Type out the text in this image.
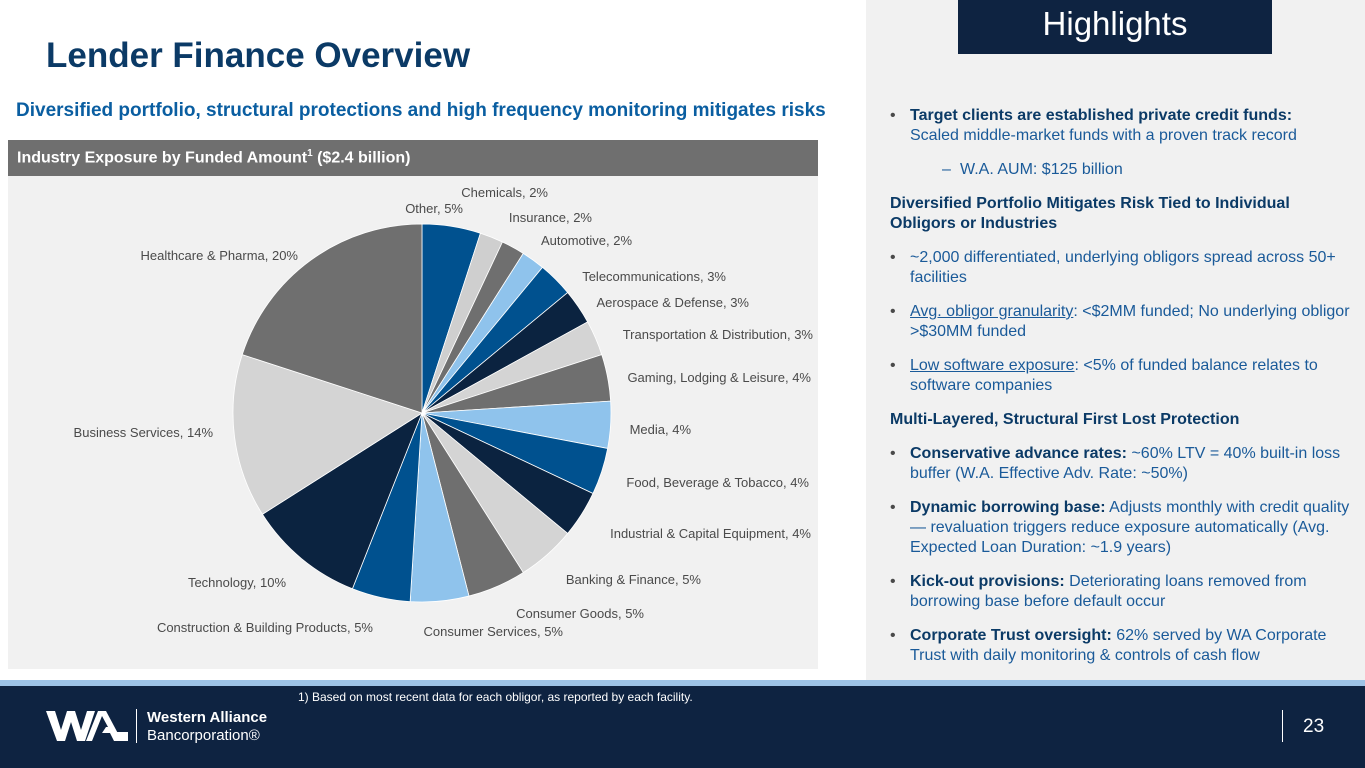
Lender Finance Overview
Diversified portfolio, structural protections and high frequency monitoring mitigates risks
Industry Exposure by Funded Amount$^1$ ($2.4 billion)
Other, 5%
Chemicals, 2%
Insurance, 2%
Automotive, 2%
Telecommunications, 3%
Aerospace & Defense, 3%
Transportation & Distribution, 3%
Gaming, Lodging & Leisure, 4%
Media, 4%
Food, Beverage & Tobacco, 4%
Industrial & Capital Equipment, 4%
Banking & Finance, 5%
Consumer Goods, 5%
Consumer Services, 5%
Construction & Building Products, 5%
Technology, 10%
Business Services, 14%
Healthcare & Pharma, 20%
Highlights
• Target clients are established private credit funds:
Scaled middle-market funds with a proven track record
– W.A. AUM: $125 billion
Diversified Portfolio Mitigates Risk Tied to Individual Obligors or Industries
• ~2,000 differentiated, underlying obligors spread across 50+ facilities
• Avg. obligor granularity: <$2MM funded; No underlying obligor >$30MM funded
• Low software exposure: <5% of funded balance relates to software companies
Multi-Layered, Structural First Lost Protection
• Conservative advance rates: ~60% LTV = 40% built-in loss buffer (W.A. Effective Adv. Rate: ~50%)
• Dynamic borrowing base: Adjusts monthly with credit quality — revaluation triggers reduce exposure automatically (Avg. Expected Loan Duration: ~1.9 years)
• Kick-out provisions: Deteriorating loans removed from borrowing base before default occur
• Corporate Trust oversight: 62% served by WA Corporate Trust with daily monitoring & controls of cash flow
1) Based on most recent data for each obligor, as reported by each facility.
Western Alliance
Bancorporation®	23
